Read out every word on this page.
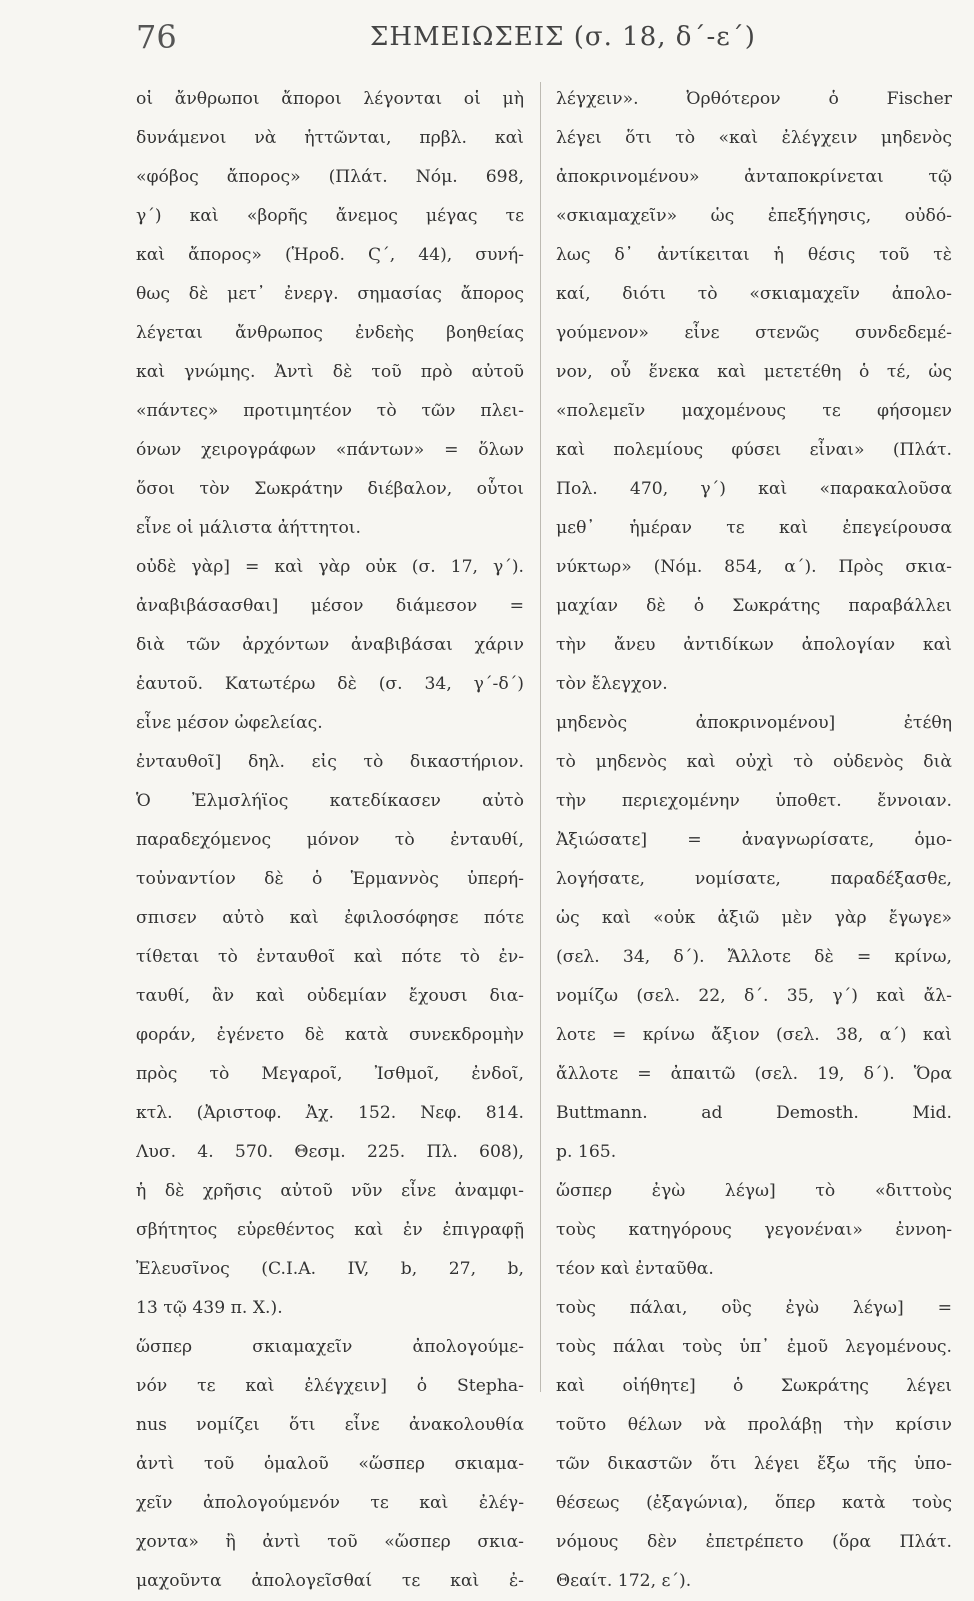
76	ΣΗΜΕΙΩΣΕΙΣ (σ. 18, δ΄-ε΄)
οἱ ἄνθρωποι ἄποροι λέγονται οἱ μὴ
δυνάμενοι νὰ ἡττῶνται, πρβλ. καὶ
«φόβος ἄπορος» (Πλάτ. Νόμ. 698,
γ΄) καὶ «βορῆς ἄνεμος μέγας τε
καὶ ἄπορος» (Ἡροδ. Ϛ΄, 44), συνή-
θως δὲ μετ᾽ ἐνεργ. σημασίας ἄπορος
λέγεται ἄνθρωπος ἐνδεὴς βοηθείας
καὶ γνώμης. Ἀντὶ δὲ τοῦ πρὸ αὐτοῦ
«πάντες» προτιμητέον τὸ τῶν πλει-
όνων χειρογράφων «πάντων» = ὅλων
ὅσοι τὸν Σωκράτην διέβαλον, οὗτοι
εἶνε οἱ μάλιστα ἀήττητοι.
οὐδὲ γὰρ] = καὶ γὰρ οὐκ (σ. 17, γ΄).
ἀναβιβάσασθαι] μέσον διάμεσον =
διὰ τῶν ἀρχόντων ἀναβιβάσαι χάριν
ἑαυτοῦ. Κατωτέρω δὲ (σ. 34, γ΄-δ΄)
εἶνε μέσον ὠφελείας.
ἐνταυθοῖ] δηλ. εἰς τὸ δικαστήριον.
Ὁ Ἐλμσλήϊος κατεδίκασεν αὐτὸ
παραδεχόμενος μόνον τὸ ἐνταυθί,
τοὐναντίον δὲ ὁ Ἑρμαννὸς ὑπερή-
σπισεν αὐτὸ καὶ ἐφιλοσόφησε πότε
τίθεται τὸ ἐνταυθοῖ καὶ πότε τὸ ἐν-
ταυθί, ἂν καὶ οὐδεμίαν ἔχουσι δια-
φοράν, ἐγένετο δὲ κατὰ συνεκδρομὴν
πρὸς τὸ Μεγαροῖ, Ἰσθμοῖ, ἐνδοῖ,
κτλ. (Ἀριστοφ. Ἀχ. 152. Νεφ. 814.
Λυσ. 4. 570. Θεσμ. 225. Πλ. 608),
ἡ δὲ χρῆσις αὐτοῦ νῦν εἶνε ἀναμφι-
σβήτητος εὑρεθέντος καὶ ἐν ἐπιγραφῇ
Ἐλευσῖνος (C.I.A. IV, b, 27, b,
13 τῷ 439 π. Χ.).
ὥσπερ σκιαμαχεῖν ἀπολογούμε-
νόν τε καὶ ἐλέγχειν] ὁ Stepha-
nus νομίζει ὅτι εἶνε ἀνακολουθία
ἀντὶ τοῦ ὁμαλοῦ «ὥσπερ σκιαμα-
χεῖν ἀπολογούμενόν τε καὶ ἐλέγ-
χοντα» ἢ ἀντὶ τοῦ «ὥσπερ σκια-
μαχοῦντα ἀπολογεῖσθαί τε καὶ ἐ-
λέγχειν». Ὀρθότερον ὁ Fischer
λέγει ὅτι τὸ «καὶ ἐλέγχειν μηδενὸς
ἀποκρινομένου» ἀνταποκρίνεται τῷ
«σκιαμαχεῖν» ὡς ἐπεξήγησις, οὐδό-
λως δ᾽ ἀντίκειται ἡ θέσις τοῦ τὲ
καί, διότι τὸ «σκιαμαχεῖν ἀπολο-
γούμενον» εἶνε στενῶς συνδεδεμέ-
νον, οὗ ἕνεκα καὶ μετετέθη ὁ τέ, ὡς
«πολεμεῖν μαχομένους τε φήσομεν
καὶ πολεμίους φύσει εἶναι» (Πλάτ.
Πολ. 470, γ΄) καὶ «παρακαλοῦσα
μεθ᾽ ἡμέραν τε καὶ ἐπεγείρουσα
νύκτωρ» (Νόμ. 854, α΄). Πρὸς σκια-
μαχίαν δὲ ὁ Σωκράτης παραβάλλει
τὴν ἄνευ ἀντιδίκων ἀπολογίαν καὶ
τὸν ἔλεγχον.
μηδενὸς ἀποκρινομένου] ἐτέθη
τὸ μηδενὸς καὶ οὐχὶ τὸ οὐδενὸς διὰ
τὴν περιεχομένην ὑποθετ. ἔννοιαν.
Ἀξιώσατε] = ἀναγνωρίσατε, ὁμο-
λογήσατε, νομίσατε, παραδέξασθε,
ὡς καὶ «οὐκ ἀξιῶ μὲν γὰρ ἔγωγε»
(σελ. 34, δ΄). Ἄλλοτε δὲ = κρίνω,
νομίζω (σελ. 22, δ΄. 35, γ΄) καὶ ἄλ-
λοτε = κρίνω ἄξιον (σελ. 38, α΄) καὶ
ἄλλοτε = ἀπαιτῶ (σελ. 19, δ΄). Ὅρα
Buttmann. ad Demosth. Mid.
p. 165.
ὥσπερ ἐγὼ λέγω] τὸ «διττοὺς
τοὺς κατηγόρους γεγονέναι» ἐννοη-
τέον καὶ ἐνταῦθα.
τοὺς πάλαι, οὓς ἐγὼ λέγω] =
τοὺς πάλαι τοὺς ὑπ᾽ ἐμοῦ λεγομένους.
καὶ οἰήθητε] ὁ Σωκράτης λέγει
τοῦτο θέλων νὰ προλάβῃ τὴν κρίσιν
τῶν δικαστῶν ὅτι λέγει ἔξω τῆς ὑπο-
θέσεως (ἐξαγώνια), ὅπερ κατὰ τοὺς
νόμους δὲν ἐπετρέπετο (ὅρα Πλάτ.
Θεαίτ. 172, ε΄).
